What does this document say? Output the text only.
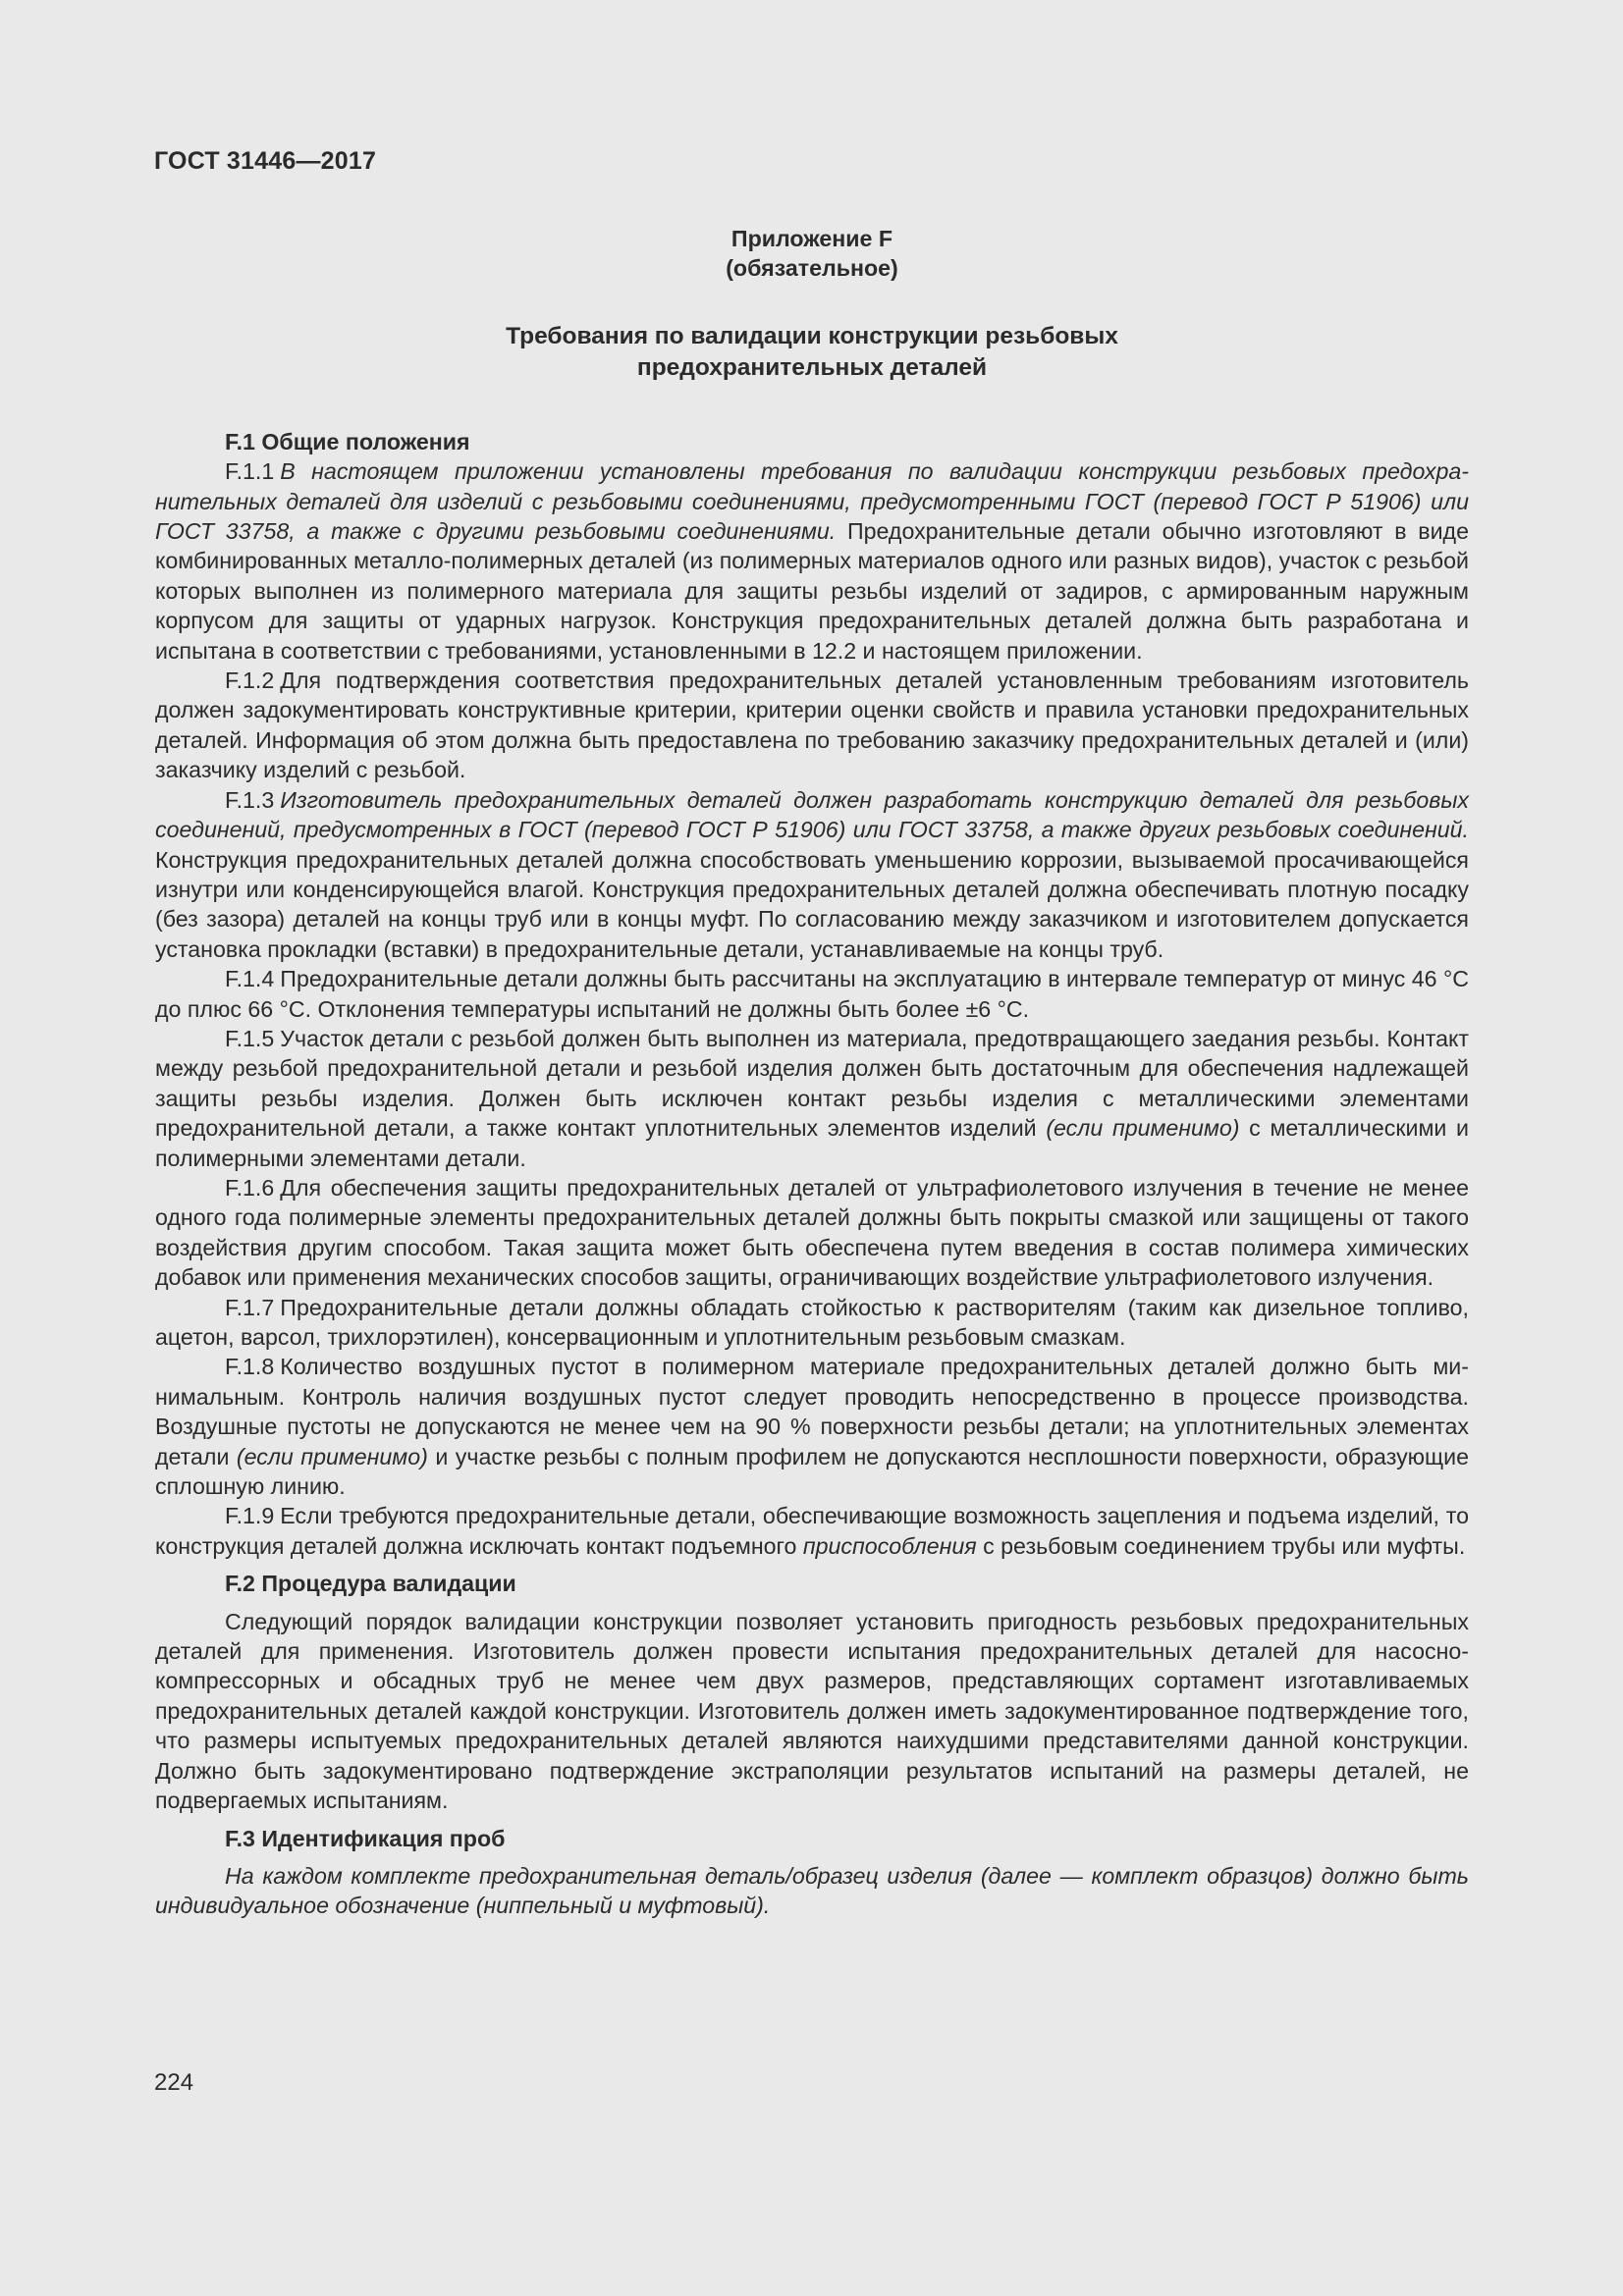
ГОСТ 31446—2017
Приложение F
(обязательное)
Требования по валидации конструкции резьбовых
предохранительных деталей
F.1 Общие положения

F.1.1 В настоящем приложении установлены требования по валидации конструкции резьбовых предохранительных деталей для изделий с резьбовыми соединениями, предусмотренными ГОСТ (перевод ГОСТ Р 51906) или ГОСТ 33758, а также с другими резьбовыми соединениями. Предохранительные детали обычно изготовляют в виде комбинированных металло-полимерных деталей (из полимерных материалов одного или разных видов), участок с резьбой которых выполнен из полимерного материала для защиты резьбы изделий от задиров, с армированным наружным корпусом для защиты от ударных нагрузок. Конструкция предохранительных деталей должна быть разработана и испытана в соответствии с требованиями, установленными в 12.2 и настоящем приложении.

F.1.2 Для подтверждения соответствия предохранительных деталей установленным требованиям изготовитель должен задокументировать конструктивные критерии, критерии оценки свойств и правила установки предохранительных деталей. Информация об этом должна быть предоставлена по требованию заказчику предохранительных деталей и (или) заказчику изделий с резьбой.

F.1.3 Изготовитель предохранительных деталей должен разработать конструкцию деталей для резьбовых соединений, предусмотренных в ГОСТ (перевод ГОСТ Р 51906) или ГОСТ 33758, а также других резьбовых соединений. Конструкция предохранительных деталей должна способствовать уменьшению коррозии, вызываемой просачивающейся изнутри или конденсирующейся влагой. Конструкция предохранительных деталей должна обеспечивать плотную посадку (без зазора) деталей на концы труб или в концы муфт. По согласованию между заказчиком и изготовителем допускается установка прокладки (вставки) в предохранительные детали, устанавливаемые на концы труб.

F.1.4 Предохранительные детали должны быть рассчитаны на эксплуатацию в интервале температур от минус 46 °С до плюс 66 °С. Отклонения температуры испытаний не должны быть более ±6 °С.

F.1.5 Участок детали с резьбой должен быть выполнен из материала, предотвращающего заедания резьбы. Контакт между резьбой предохранительной детали и резьбой изделия должен быть достаточным для обеспечения надлежащей защиты резьбы изделия. Должен быть исключен контакт резьбы изделия с металлическими элементами предохранительной детали, а также контакт уплотнительных элементов изделий (если применимо) с металлическими и полимерными элементами детали.

F.1.6 Для обеспечения защиты предохранительных деталей от ультрафиолетового излучения в течение не менее одного года полимерные элементы предохранительных деталей должны быть покрыты смазкой или защищены от такого воздействия другим способом. Такая защита может быть обеспечена путем введения в состав полимера химических добавок или применения механических способов защиты, ограничивающих воздействие ультрафиолетового излучения.

F.1.7 Предохранительные детали должны обладать стойкостью к растворителям (таким как дизельное топливо, ацетон, варсол, трихлорэтилен), консервационным и уплотнительным резьбовым смазкам.

F.1.8 Количество воздушных пустот в полимерном материале предохранительных деталей должно быть минимальным. Контроль наличия воздушных пустот следует проводить непосредственно в процессе производства. Воздушные пустоты не допускаются не менее чем на 90 % поверхности резьбы детали; на уплотнительных элементах детали (если применимо) и участке резьбы с полным профилем не допускаются несплошности поверхности, образующие сплошную линию.

F.1.9 Если требуются предохранительные детали, обеспечивающие возможность зацепления и подъема изделий, то конструкция деталей должна исключать контакт подъемного приспособления с резьбовым соединением трубы или муфты.

F.2 Процедура валидации

Следующий порядок валидации конструкции позволяет установить пригодность резьбовых предохранительных деталей для применения. Изготовитель должен провести испытания предохранительных деталей для насосно-компрессорных и обсадных труб не менее чем двух размеров, представляющих сортамент изготавливаемых предохранительных деталей каждой конструкции. Изготовитель должен иметь задокументированное подтверждение того, что размеры испытуемых предохранительных деталей являются наихудшими представителями данной конструкции. Должно быть задокументировано подтверждение экстраполяции результатов испытаний на размеры деталей, не подвергаемых испытаниям.

F.3 Идентификация проб

На каждом комплекте предохранительная деталь/образец изделия (далее — комплект образцов) должно быть индивидуальное обозначение (ниппельный и муфтовый).

224
